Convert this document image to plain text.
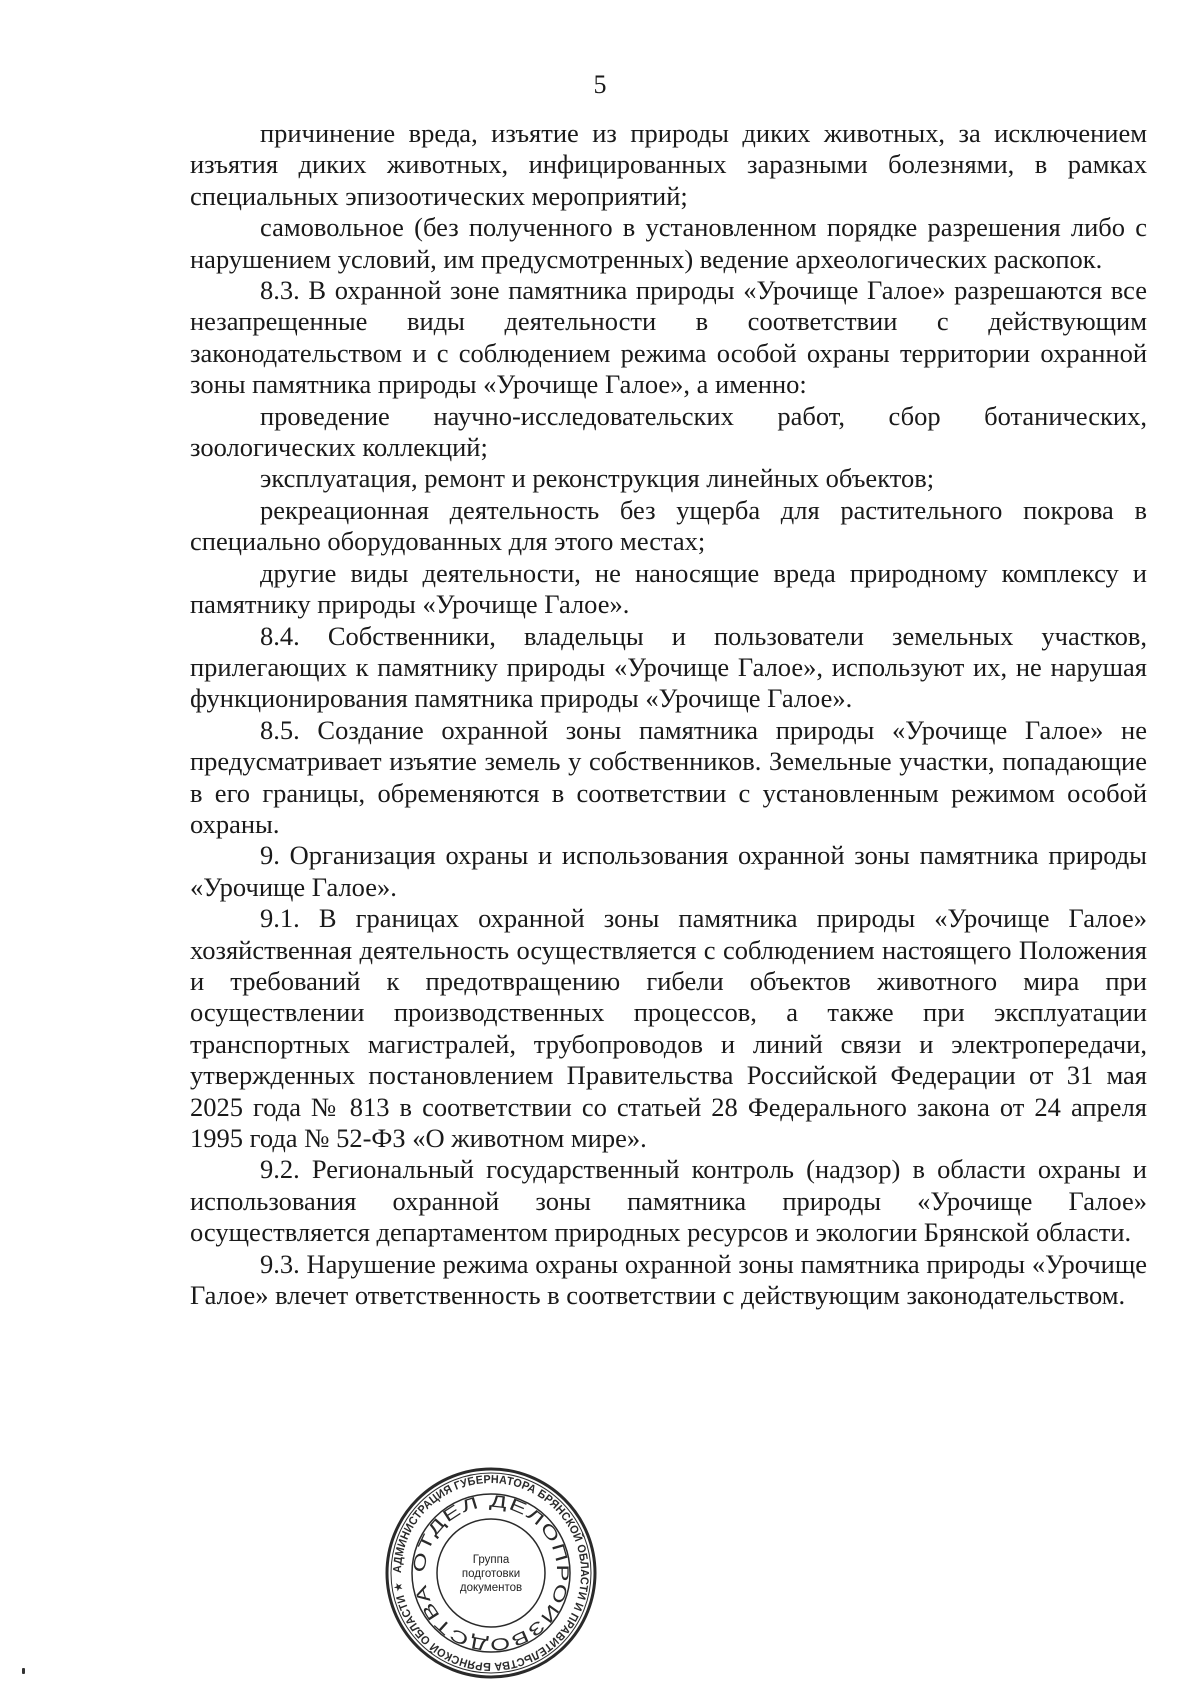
5

причинение вреда, изъятие из природы диких животных, за исключением изъятия диких животных, инфицированных заразными болезнями, в рамках специальных эпизоотических мероприятий;

самовольное (без полученного в установленном порядке разрешения либо с нарушением условий, им предусмотренных) ведение археологических раскопок.

8.3. В охранной зоне памятника природы «Урочище Галое» разрешаются все незапрещенные виды деятельности в соответствии с действующим законодательством и с соблюдением режима особой охраны территории охранной зоны памятника природы «Урочище Галое», а именно:

проведение научно-исследовательских работ, сбор ботанических, зоологических коллекций;

эксплуатация, ремонт и реконструкция линейных объектов;

рекреационная деятельность без ущерба для растительного покрова в специально оборудованных для этого местах;

другие виды деятельности, не наносящие вреда природному комплексу и памятнику природы «Урочище Галое».

8.4. Собственники, владельцы и пользователи земельных участков, прилегающих к памятнику природы «Урочище Галое», используют их, не нарушая функционирования памятника природы «Урочище Галое».

8.5. Создание охранной зоны памятника природы «Урочище Галое» не предусматривает изъятие земель у собственников. Земельные участки, попадающие в его границы, обременяются в соответствии с установленным режимом особой охраны.

9. Организация охраны и использования охранной зоны памятника природы «Урочище Галое».

9.1. В границах охранной зоны памятника природы «Урочище Галое» хозяйственная деятельность осуществляется с соблюдением настоящего Положения и требований к предотвращению гибели объектов животного мира при осуществлении производственных процессов, а также при эксплуатации транспортных магистралей, трубопроводов и линий связи и электропередачи, утвержденных постановлением Правительства Российской Федерации от 31 мая 2025 года № 813 в соответствии со статьей 28 Федерального закона от 24 апреля 1995 года № 52-ФЗ «О животном мире».

9.2. Региональный государственный контроль (надзор) в области охраны и использования охранной зоны памятника природы «Урочище Галое» осуществляется департаментом природных ресурсов и экологии Брянской области.

9.3. Нарушение режима охраны охранной зоны памятника природы «Урочище Галое» влечет ответственность в соответствии с действующим законодательством.

АДМИНИСТРАЦИЯ ГУБЕРНАТОРА БРЯНСКОЙ ОБЛАСТИ И ПРАВИТЕЛЬСТВА БРЯНСКОЙ ОБЛАСТИ ★
ОТДЕЛ ДЕЛОПРОИЗВОДСТВА
Группа
подготовки
документов
